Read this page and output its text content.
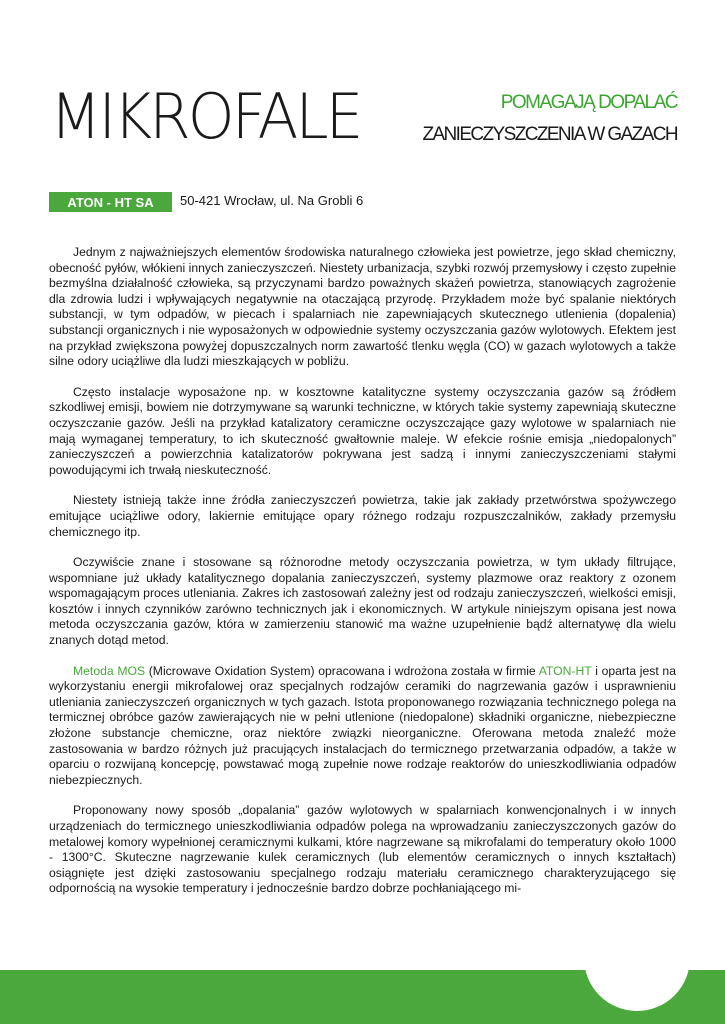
MIKROFALE	POMAGAJĄ DOPALAĆ
ZANIECZYSZCZENIA W GAZACH
ATON - HT SA 50-421 Wrocław, ul. Na Grobli 6

Jednym z najważniejszych elementów środowiska naturalnego człowieka jest powietrze, jego skład chemiczny, obecność pyłów, włókieni innych zanieczyszczeń. Niestety urbanizacja, szybki rozwój przemysłowy i często zupełnie bezmyślna działalność człowieka, są przyczynami bardzo poważnych skażeń powietrza, stanowiących zagrożenie dla zdrowia ludzi i wpływających negatywnie na otaczającą przyrodę. Przykładem może być spalanie niektórych substancji, w tym odpadów, w piecach i spalarniach nie zapewniających skutecznego utlenienia (dopalenia) substancji organicznych i nie wyposażonych w odpowiednie systemy oczyszczania gazów wylotowych. Efektem jest na przykład zwiększona powyżej dopuszczalnych norm zawartość tlenku węgla (CO) w gazach wylotowych a także silne odory uciążliwe dla ludzi mieszkających w pobliżu.

Często instalacje wyposażone np. w kosztowne katalityczne systemy oczyszczania gazów są źródłem szkodliwej emisji, bowiem nie dotrzymywane są warunki techniczne, w których takie systemy zapewniają skuteczne oczyszczanie gazów. Jeśli na przykład katalizatory ceramiczne oczyszczające gazy wylotowe w spalarniach nie mają wymaganej temperatury, to ich skuteczność gwałtownie maleje. W efekcie rośnie emisja „niedopalonych” zanieczyszczeń a powierzchnia katalizatorów pokrywana jest sadzą i innymi zanieczyszczeniami stałymi powodującymi ich trwałą nieskuteczność.

Niestety istnieją także inne źródła zanieczyszczeń powietrza, takie jak zakłady przetwórstwa spożywczego emitujące uciążliwe odory, lakiernie emitujące opary różnego rodzaju rozpuszczalników, zakłady przemysłu chemicznego itp.

Oczywiście znane i stosowane są różnorodne metody oczyszczania powietrza, w tym układy filtrujące, wspomniane już układy katalitycznego dopalania zanieczyszczeń, systemy plazmowe oraz reaktory z ozonem wspomagającym proces utleniania. Zakres ich zastosowań zależny jest od rodzaju zanieczyszczeń, wielkości emisji, kosztów i innych czynników zarówno technicznych jak i ekonomicznych. W artykule niniejszym opisana jest nowa metoda oczyszczania gazów, która w zamierzeniu stanowić ma ważne uzupełnienie bądź alternatywę dla wielu znanych dotąd metod.

Metoda MOS (Microwave Oxidation System) opracowana i wdrożona została w firmie ATON-HT i oparta jest na wykorzystaniu energii mikrofalowej oraz specjalnych rodzajów ceramiki do nagrzewania gazów i usprawnieniu utleniania zanieczyszczeń organicznych w tych gazach. Istota proponowanego rozwiązania technicznego polega na termicznej obróbce gazów zawierających nie w pełni utlenione (niedopalone) składniki organiczne, niebezpieczne złożone substancje chemiczne, oraz niektóre związki nieorganiczne. Oferowana metoda znaleźć może zastosowania w bardzo różnych już pracujących instalacjach do termicznego przetwarzania odpadów, a także w oparciu o rozwijaną koncepcję, powstawać mogą zupełnie nowe rodzaje reaktorów do unieszkodliwiania odpadów niebezpiecznych.

Proponowany nowy sposób „dopalania” gazów wylotowych w spalarniach konwencjonalnych i w innych urządzeniach do termicznego unieszkodliwiania odpadów polega na wprowadzaniu zanieczyszczonych gazów do metalowej komory wypełnionej ceramicznymi kulkami, które nagrzewane są mikrofalami do temperatury około 1000 - 1300°C. Skuteczne nagrzewanie kulek ceramicznych (lub elementów ceramicznych o innych kształtach) osiągnięte jest dzięki zastosowaniu specjalnego rodzaju materiału ceramicznego charakteryzującego się odpornością na wysokie temperatury i jednocześnie bardzo dobrze pochłaniającego mi-
